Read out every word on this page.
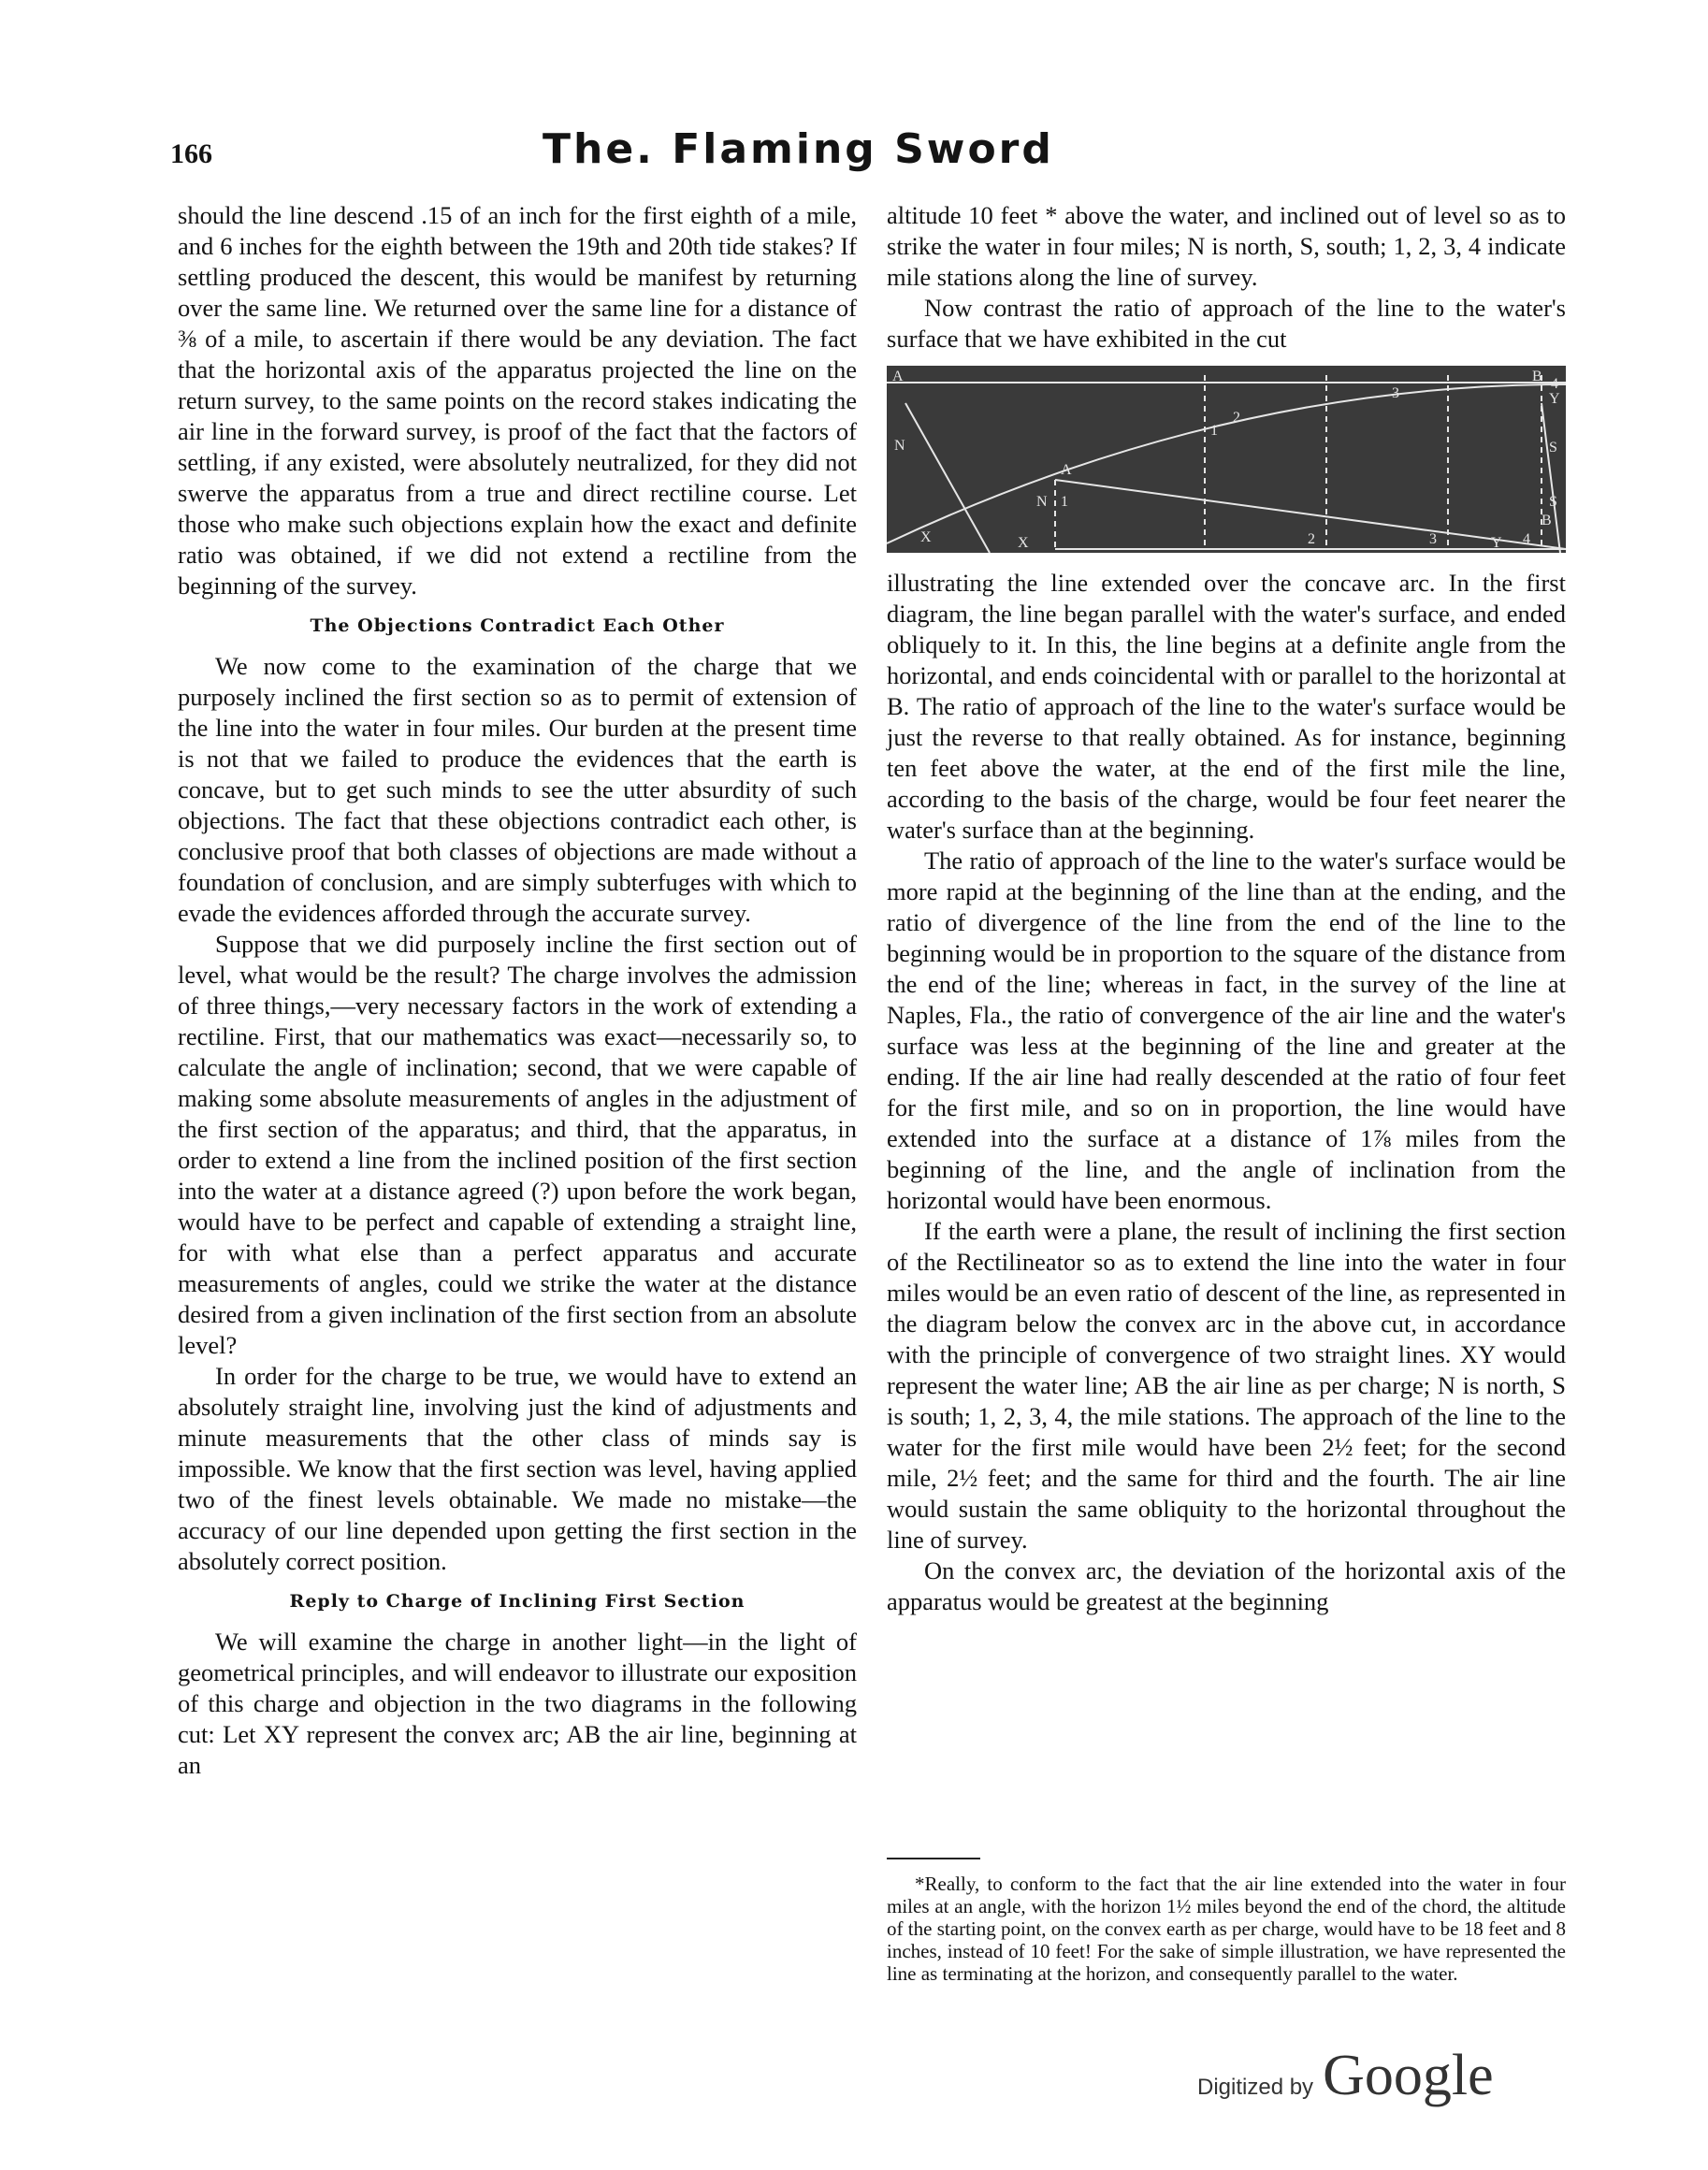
166	The. Flaming Sword

should the line descend .15 of an inch for the first eighth of a mile, and 6 inches for the eighth between the 19th and 20th tide stakes? If settling produced the descent, this would be manifest by returning over the same line. We returned over the same line for a distance of ⅜ of a mile, to ascertain if there would be any deviation. The fact that the horizontal axis of the apparatus projected the line on the return survey, to the same points on the record stakes indicating the air line in the forward survey, is proof of the fact that the factors of settling, if any existed, were absolutely neutralized, for they did not swerve the apparatus from a true and direct rectiline course. Let those who make such objections explain how the exact and definite ratio was obtained, if we did not extend a rectiline from the beginning of the survey.

The Objections Contradict Each Other

We now come to the examination of the charge that we purposely inclined the first section so as to permit of extension of the line into the water in four miles. Our burden at the present time is not that we failed to produce the evidences that the earth is concave, but to get such minds to see the utter absurdity of such objections. The fact that these objections contradict each other, is conclusive proof that both classes of objections are made without a foundation of conclusion, and are simply subterfuges with which to evade the evidences afforded through the accurate survey.

Suppose that we did purposely incline the first section out of level, what would be the result? The charge involves the admission of three things,—very necessary factors in the work of extending a rectiline. First, that our mathematics was exact—necessarily so, to calculate the angle of inclination; second, that we were capable of making some absolute measurements of angles in the adjustment of the first section of the apparatus; and third, that the apparatus, in order to extend a line from the inclined position of the first section into the water at a distance agreed (?) upon before the work began, would have to be perfect and capable of extending a straight line, for with what else than a perfect apparatus and accurate measurements of angles, could we strike the water at the distance desired from a given inclination of the first section from an absolute level?

In order for the charge to be true, we would have to extend an absolutely straight line, involving just the kind of adjustments and minute measurements that the other class of minds say is impossible. We know that the first section was level, having applied two of the finest levels obtainable. We made no mistake—the accuracy of our line depended upon getting the first section in the absolutely correct position.

Reply to Charge of Inclining First Section

We will examine the charge in another light—in the light of geometrical principles, and will endeavor to illustrate our exposition of this charge and objection in the two diagrams in the following cut: Let XY represent the convex arc; AB the air line, beginning at an

altitude 10 feet * above the water, and inclined out of level so as to strike the water in four miles; N is north, S, south; 1, 2, 3, 4 indicate mile stations along the line of survey.

Now contrast the ratio of approach of the line to the water's surface that we have exhibited in the cut

A	B
N	S
X
Y
1
2
3
4
A
B
N	S
X	Y
1
2	3	4

illustrating the line extended over the concave arc. In the first diagram, the line began parallel with the water's surface, and ended obliquely to it. In this, the line begins at a definite angle from the horizontal, and ends coincidental with or parallel to the horizontal at B. The ratio of approach of the line to the water's surface would be just the reverse to that really obtained. As for instance, beginning ten feet above the water, at the end of the first mile the line, according to the basis of the charge, would be four feet nearer the water's surface than at the beginning.

The ratio of approach of the line to the water's surface would be more rapid at the beginning of the line than at the ending, and the ratio of divergence of the line from the end of the line to the beginning would be in proportion to the square of the distance from the end of the line; whereas in fact, in the survey of the line at Naples, Fla., the ratio of convergence of the air line and the water's surface was less at the beginning of the line and greater at the ending. If the air line had really descended at the ratio of four feet for the first mile, and so on in proportion, the line would have extended into the surface at a distance of 1⅞ miles from the beginning of the line, and the angle of inclination from the horizontal would have been enormous.

If the earth were a plane, the result of inclining the first section of the Rectilineator so as to extend the line into the water in four miles would be an even ratio of descent of the line, as represented in the diagram below the convex arc in the above cut, in accordance with the principle of convergence of two straight lines. XY would represent the water line; AB the air line as per charge; N is north, S is south; 1, 2, 3, 4, the mile stations. The approach of the line to the water for the first mile would have been 2½ feet; for the second mile, 2½ feet; and the same for third and the fourth. The air line would sustain the same obliquity to the horizontal throughout the line of survey.

On the convex arc, the deviation of the horizontal axis of the apparatus would be greatest at the beginning

*Really, to conform to the fact that the air line extended into the water in four miles at an angle, with the horizon 1½ miles beyond the end of the chord, the altitude of the starting point, on the convex earth as per charge, would have to be 18 feet and 8 inches, instead of 10 feet! For the sake of simple illustration, we have represented the line as terminating at the horizon, and consequently parallel to the water.

Digitized by Google
